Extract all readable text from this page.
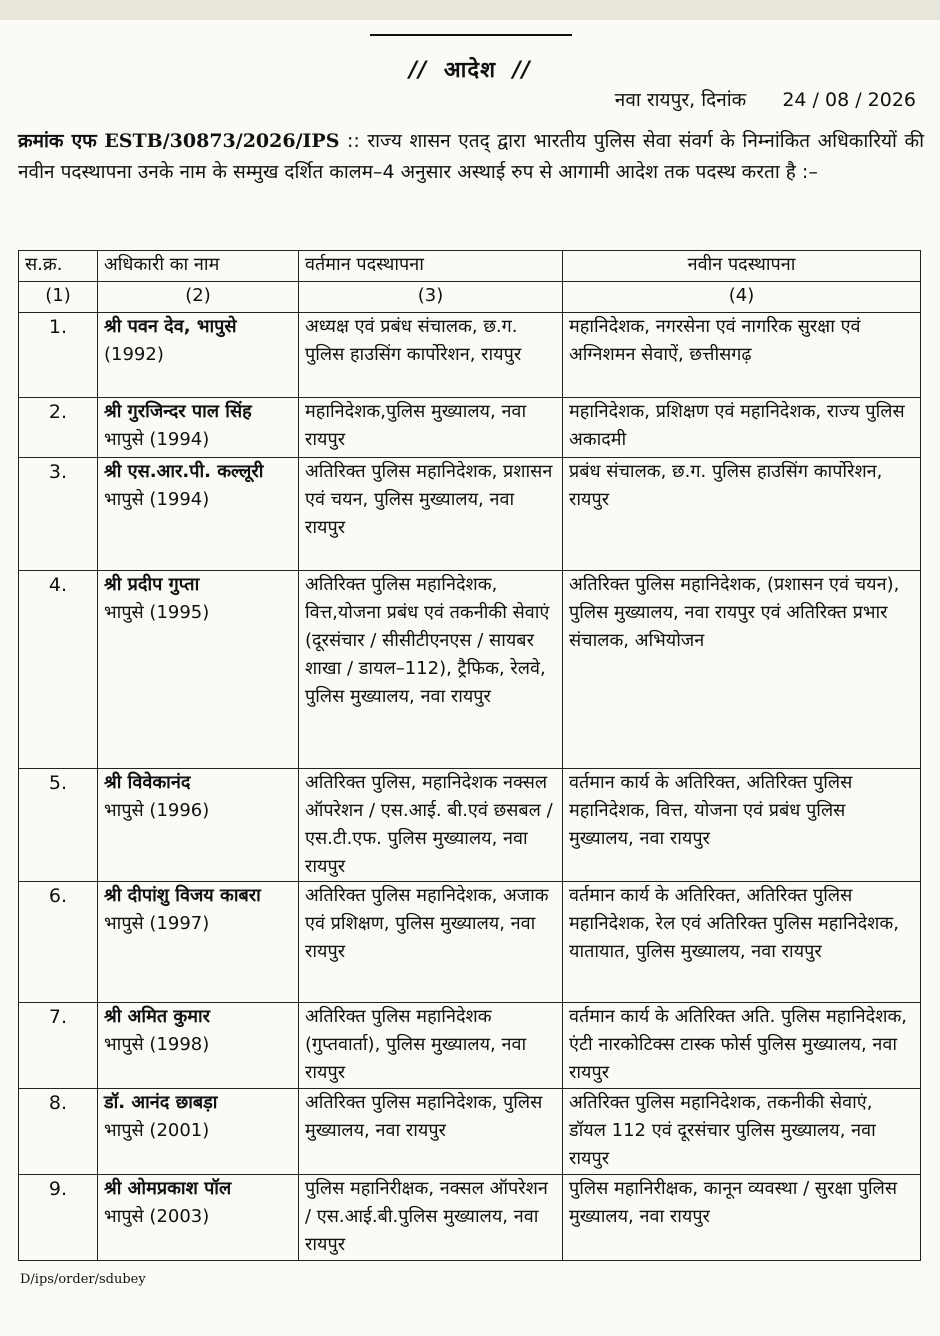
// आदेश //
नवा रायपुर, दिनांक 24 / 08 / 2026
क्रमांक एफ ESTB/30873/2026/IPS :: राज्य शासन एतद् द्वारा भारतीय पुलिस सेवा संवर्ग के निम्नांकित अधिकारियों की नवीन पदस्थापना उनके नाम के सम्मुख दर्शित कालम–4 अनुसार अस्थाई रुप से आगामी आदेश तक पदस्थ करता है :–
स.क्र.	अधिकारी का नाम	वर्तमान पदस्थापना	नवीन पदस्थापना
(1)	(2)	(3)	(4)
1.	श्री पवन देव, भापुसे
(1992)	अध्यक्ष एवं प्रबंध संचालक, छ.ग. पुलिस हाउसिंग कार्पोरेशन, रायपुर	महानिदेशक, नगरसेना एवं नागरिक सुरक्षा एवं अग्निशमन सेवाऐं, छत्तीसगढ़
2.	श्री गुरजिन्दर पाल सिंह
भापुसे (1994)	महानिदेशक,पुलिस मुख्यालय, नवा रायपुर	महानिदेशक, प्रशिक्षण एवं महानिदेशक, राज्य पुलिस अकादमी
3.	श्री एस.आर.पी. कल्लूरी
भापुसे (1994)	अतिरिक्त पुलिस महानिदेशक, प्रशासन एवं चयन, पुलिस मुख्यालय, नवा रायपुर	प्रबंध संचालक, छ.ग. पुलिस हाउसिंग कार्पोरेशन, रायपुर
4.	श्री प्रदीप गुप्ता
भापुसे (1995)	अतिरिक्त पुलिस महानिदेशक, वित्त,योजना प्रबंध एवं तकनीकी सेवाएं (दूरसंचार / सीसीटीएनएस / सायबर शाखा / डायल–112), ट्रैफिक, रेलवे, पुलिस मुख्यालय, नवा रायपुर	अतिरिक्त पुलिस महानिदेशक, (प्रशासन एवं चयन), पुलिस मुख्यालय, नवा रायपुर एवं अतिरिक्त प्रभार संचालक, अभियोजन
5.	श्री विवेकानंद
भापुसे (1996)	अतिरिक्त पुलिस, महानिदेशक नक्सल ऑपरेशन / एस.आई. बी.एवं छसबल / एस.टी.एफ. पुलिस मुख्यालय, नवा रायपुर	वर्तमान कार्य के अतिरिक्त, अतिरिक्त पुलिस महानिदेशक, वित्त, योजना एवं प्रबंध पुलिस मुख्यालय, नवा रायपुर
6.	श्री दीपांशु विजय काबरा
भापुसे (1997)	अतिरिक्त पुलिस महानिदेशक, अजाक एवं प्रशिक्षण, पुलिस मुख्यालय, नवा रायपुर	वर्तमान कार्य के अतिरिक्त, अतिरिक्त पुलिस महानिदेशक, रेल एवं अतिरिक्त पुलिस महानिदेशक, यातायात, पुलिस मुख्यालय, नवा रायपुर
7.	श्री अमित कुमार
भापुसे (1998)	अतिरिक्त पुलिस महानिदेशक (गुप्तवार्ता), पुलिस मुख्यालय, नवा रायपुर	वर्तमान कार्य के अतिरिक्त अति. पुलिस महानिदेशक, एंटी नारकोटिक्स टास्क फोर्स पुलिस मुख्यालय, नवा रायपुर
8.	डॉ. आनंद छाबड़ा
भापुसे (2001)	अतिरिक्त पुलिस महानिदेशक, पुलिस मुख्यालय, नवा रायपुर	अतिरिक्त पुलिस महानिदेशक, तकनीकी सेवाएं, डॉयल 112 एवं दूरसंचार पुलिस मुख्यालय, नवा रायपुर
9.	श्री ओमप्रकाश पॉल
भापुसे (2003)	पुलिस महानिरीक्षक, नक्सल ऑपरेशन / एस.आई.बी.पुलिस मुख्यालय, नवा रायपुर	पुलिस महानिरीक्षक, कानून व्यवस्था / सुरक्षा पुलिस मुख्यालय, नवा रायपुर
D/ips/order/sdubey
